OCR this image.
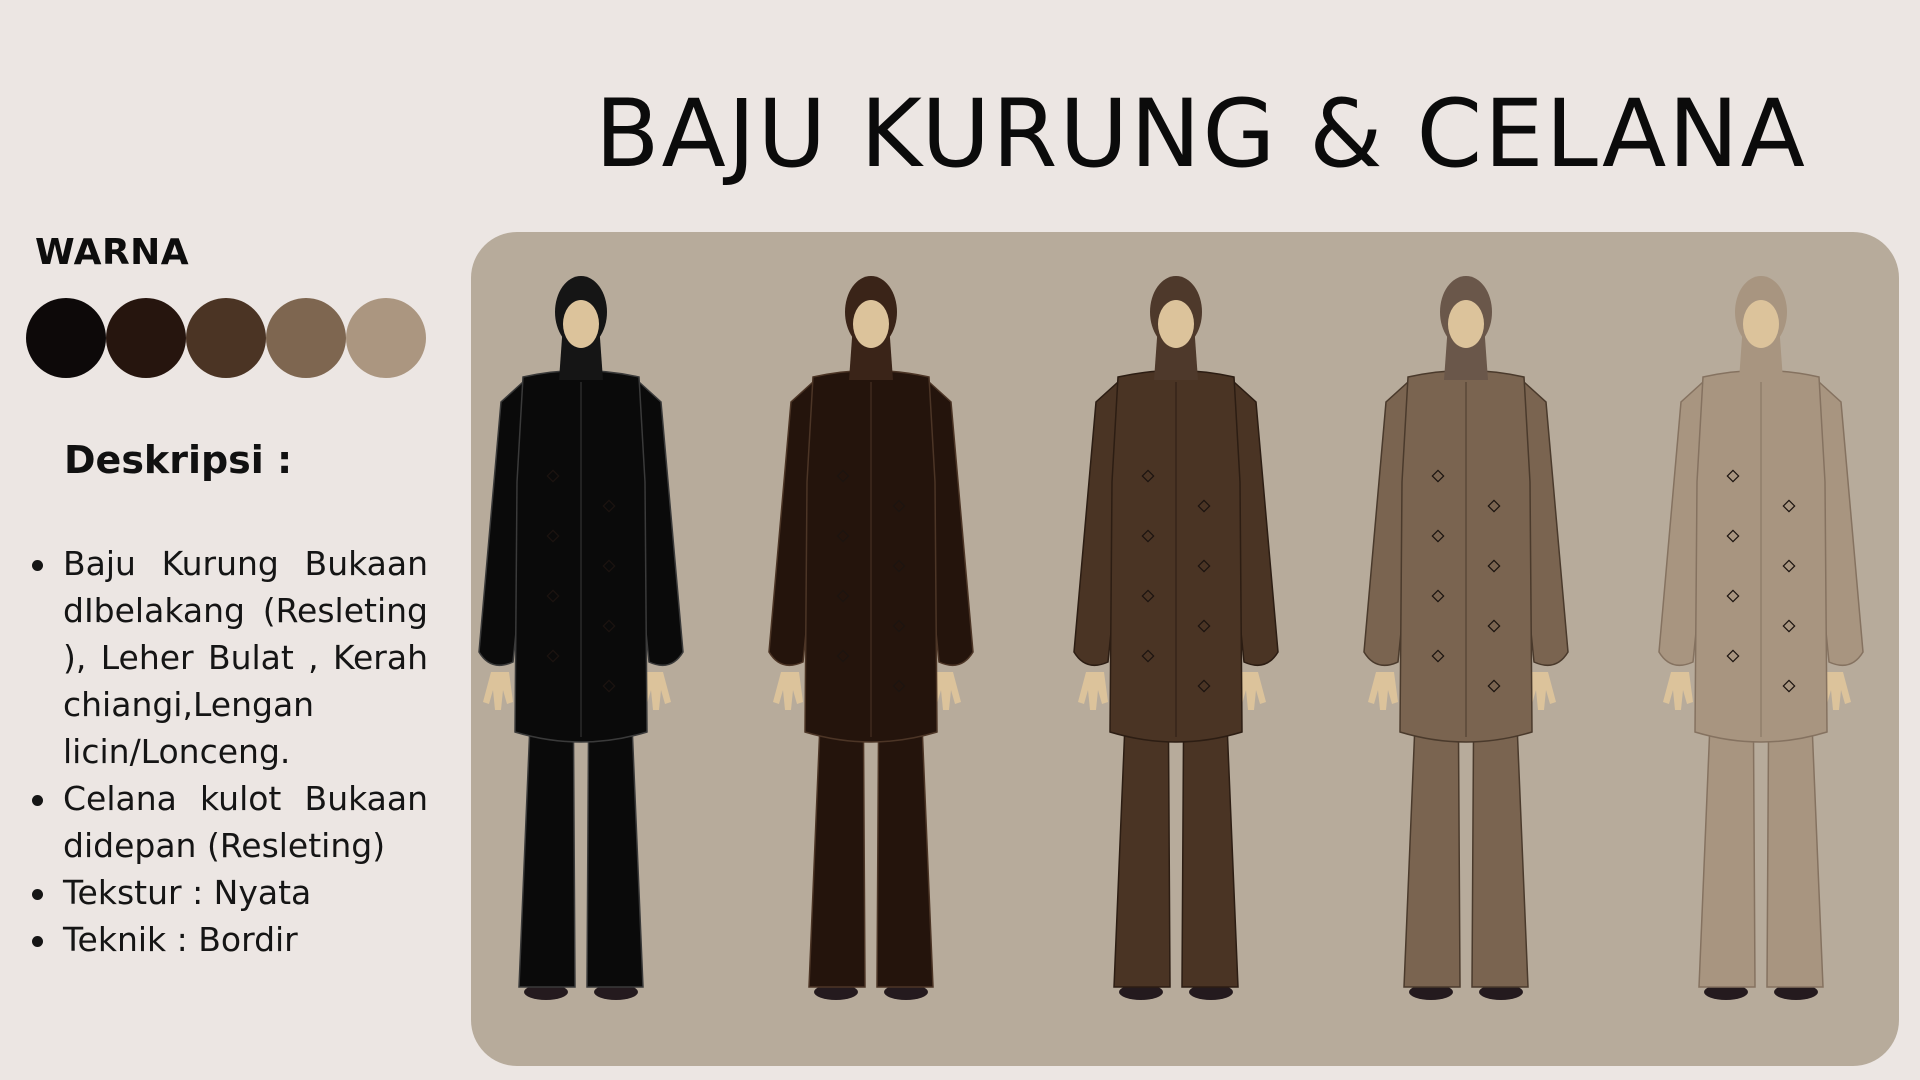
BAJU KURUNG & CELANA
WARNA
Deskripsi :
Baju Kurung Bukaan dIbelakang (Resleting ), Leher Bulat , Kerah chiangi,Lengan licin/Lonceng.
Celana kulot Bukaan didepan (Resleting)
Tekstur : Nyata
Teknik : Bordir
